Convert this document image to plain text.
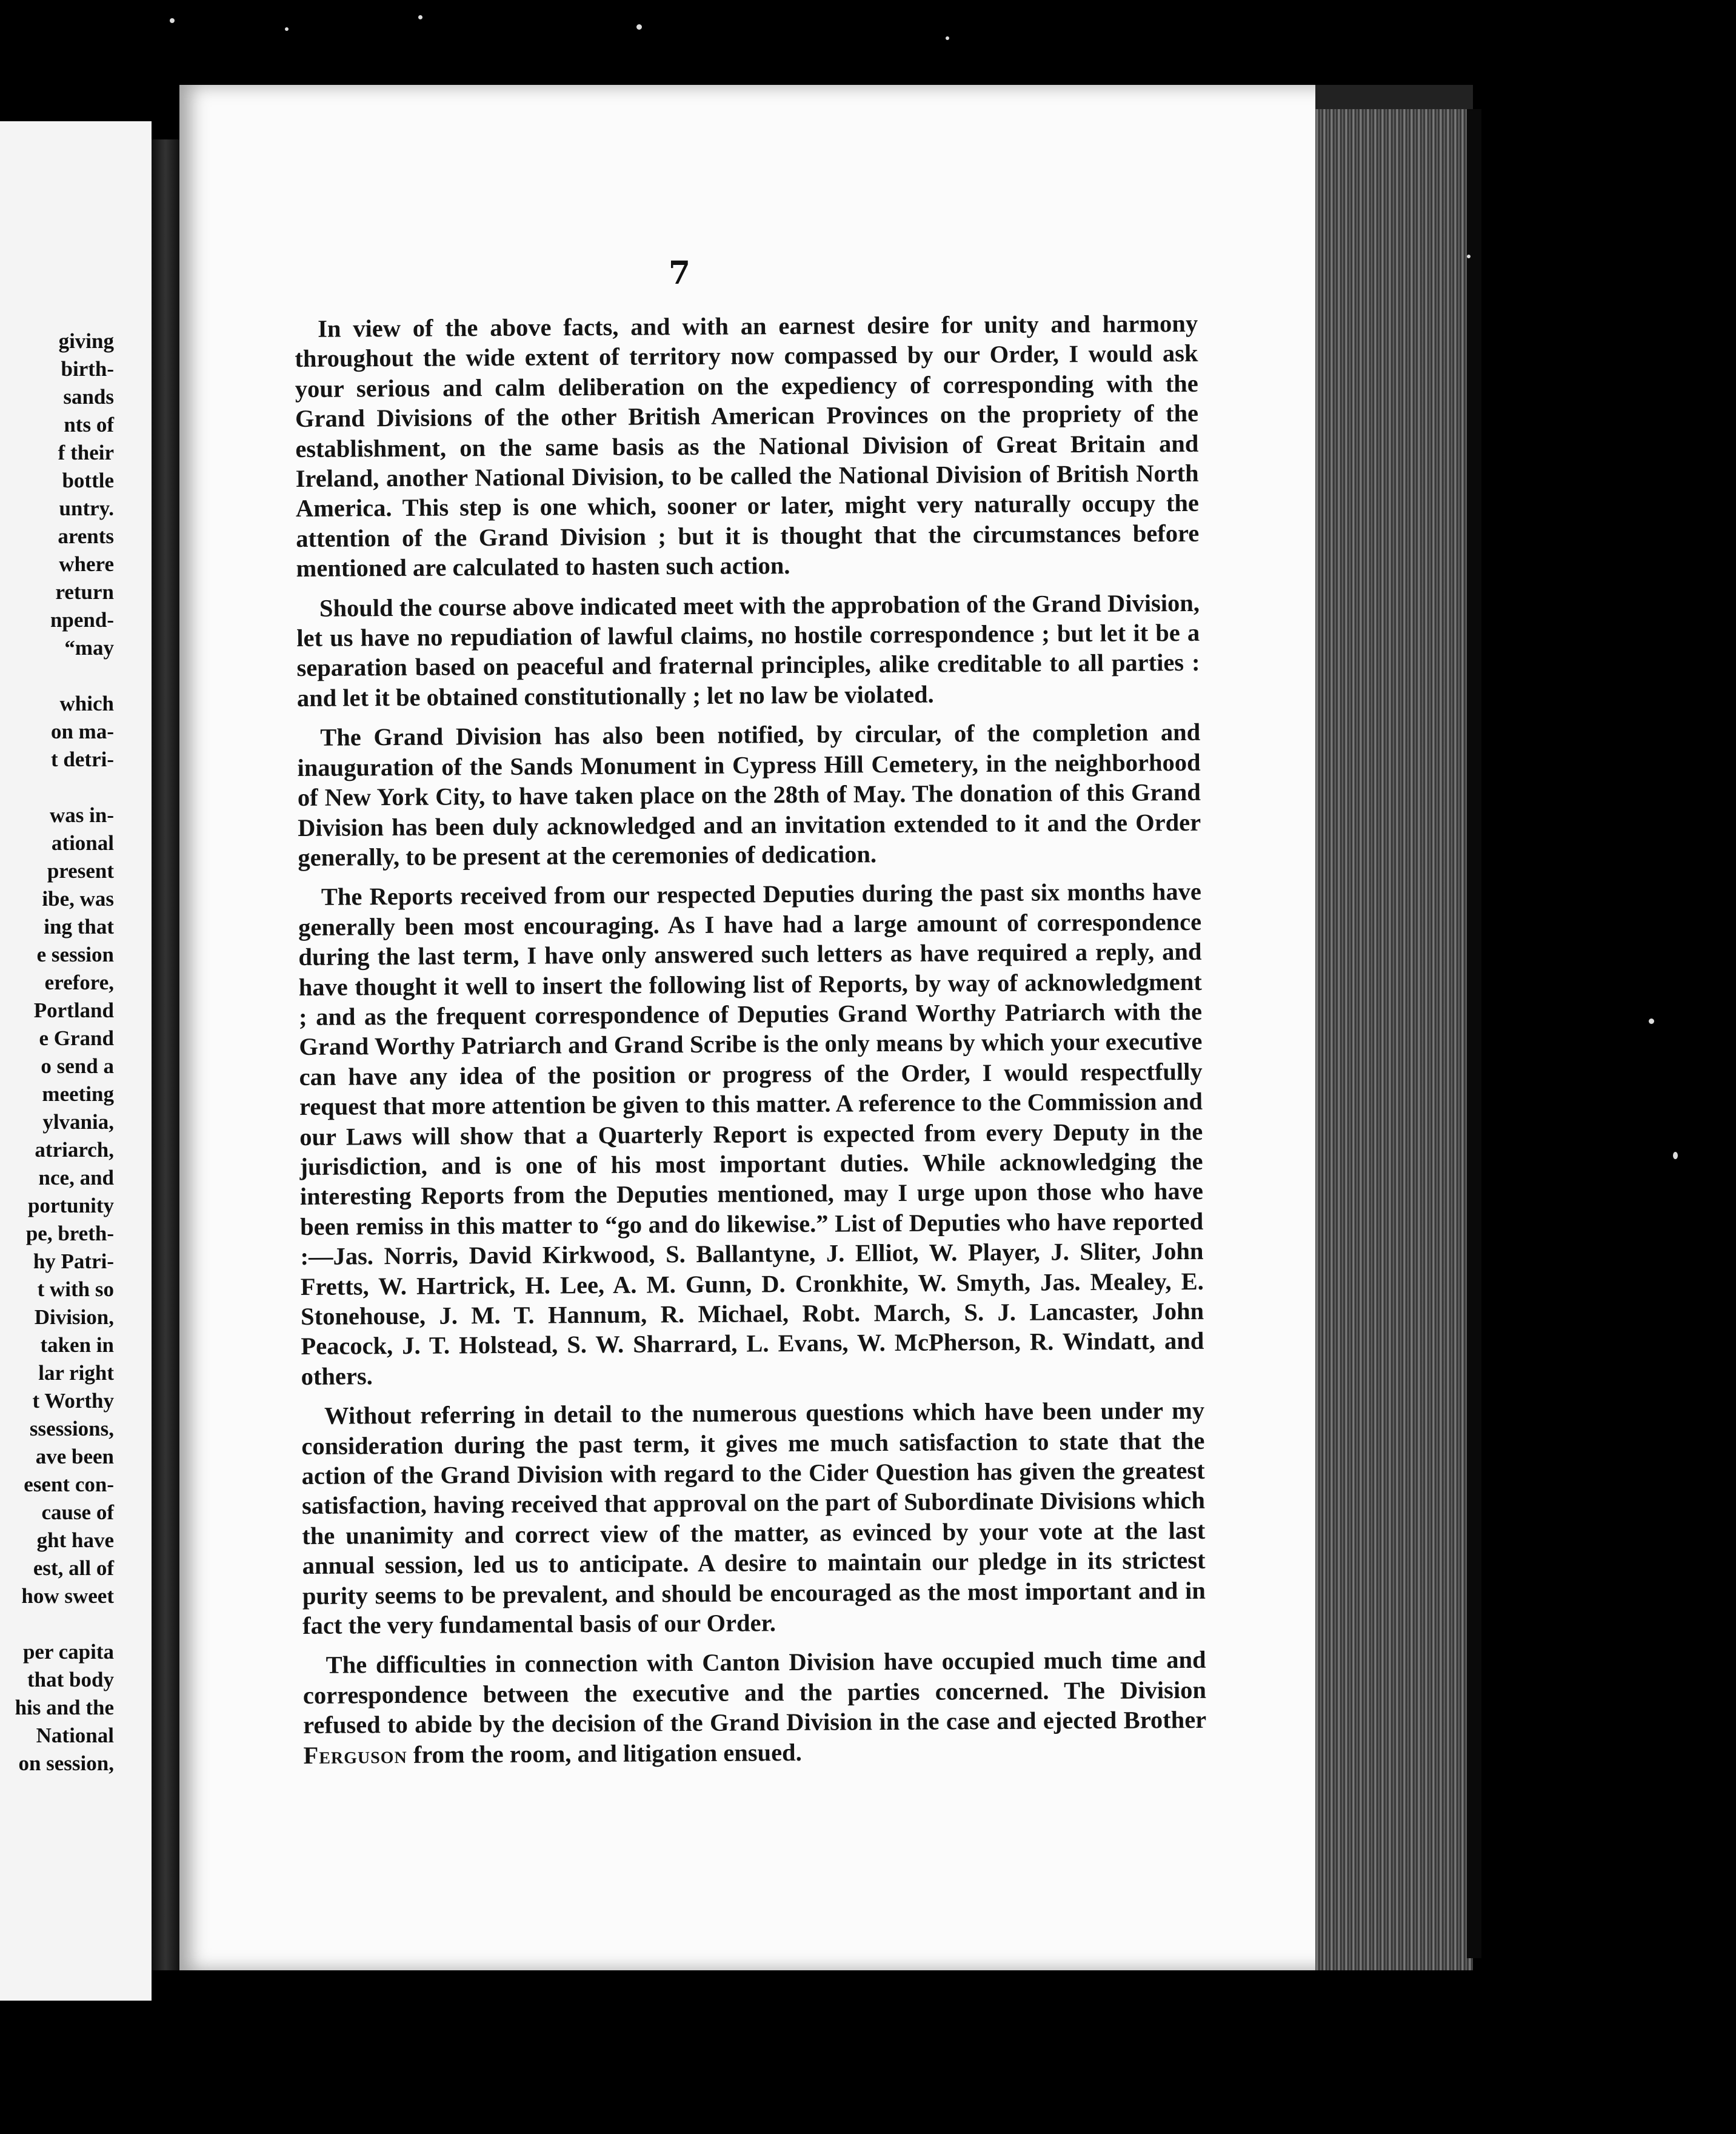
giving
birth-
sands
nts of
f their
bottle
untry.
arents
where
return
npend-
“may
which
on ma-
t detri-
was in-
ational
present
ibe, was
ing that
e session
erefore,
Portland
e Grand
o send a
meeting
ylvania,
atriarch,
nce, and
portunity
pe, breth-
hy Patri-
t with so
Division,
taken in
lar right
t Worthy
ssessions,
ave been
esent con-
cause of
ght have
est, all of
how sweet
per capita
that body
his and the
National
on session,
7

In view of the above facts, and with an earnest desire for unity and harmony throughout the wide extent of territory now compassed by our Order, I would ask your serious and calm deliberation on the expediency of corresponding with the Grand Divisions of the other British American Provinces on the propriety of the establishment, on the same basis as the National Division of Great Britain and Ireland, another National Division, to be called the National Division of British North America. This step is one which, sooner or later, might very naturally occupy the attention of the Grand Division ; but it is thought that the circumstances before mentioned are calculated to hasten such action.

Should the course above indicated meet with the approbation of the Grand Division, let us have no repudiation of lawful claims, no hostile correspondence ; but let it be a separation based on peaceful and fraternal principles, alike creditable to all parties : and let it be obtained constitutionally ; let no law be violated.

The Grand Division has also been notified, by circular, of the completion and inauguration of the Sands Monument in Cypress Hill Cemetery, in the neighborhood of New York City, to have taken place on the 28th of May. The donation of this Grand Division has been duly acknowledged and an invitation extended to it and the Order generally, to be present at the ceremonies of dedication.

The Reports received from our respected Deputies during the past six months have generally been most encouraging. As I have had a large amount of correspondence during the last term, I have only answered such letters as have required a reply, and have thought it well to insert the following list of Reports, by way of acknowledgment ; and as the frequent correspondence of Deputies Grand Worthy Patriarch with the Grand Worthy Patriarch and Grand Scribe is the only means by which your executive can have any idea of the position or progress of the Order, I would respectfully request that more attention be given to this matter. A reference to the Commission and our Laws will show that a Quarterly Report is expected from every Deputy in the jurisdiction, and is one of his most important duties. While acknowledging the interesting Reports from the Deputies mentioned, may I urge upon those who have been remiss in this matter to “go and do likewise.” List of Deputies who have reported :—Jas. Norris, David Kirkwood, S. Ballantyne, J. Elliot, W. Player, J. Sliter, John Fretts, W. Hartrick, H. Lee, A. M. Gunn, D. Cronkhite, W. Smyth, Jas. Mealey, E. Stonehouse, J. M. T. Hannum, R. Michael, Robt. March, S. J. Lancaster, John Peacock, J. T. Holstead, S. W. Sharrard, L. Evans, W. McPherson, R. Windatt, and others.

Without referring in detail to the numerous questions which have been under my consideration during the past term, it gives me much satisfaction to state that the action of the Grand Division with regard to the Cider Question has given the greatest satisfaction, having received that approval on the part of Subordinate Divisions which the unanimity and correct view of the matter, as evinced by your vote at the last annual session, led us to anticipate. A desire to maintain our pledge in its strictest purity seems to be prevalent, and should be encouraged as the most important and in fact the very fundamental basis of our Order.

The difficulties in connection with Canton Division have occupied much time and correspondence between the executive and the parties concerned. The Division refused to abide by the decision of the Grand Division in the case and ejected Brother Ferguson from the room, and litigation ensued.
